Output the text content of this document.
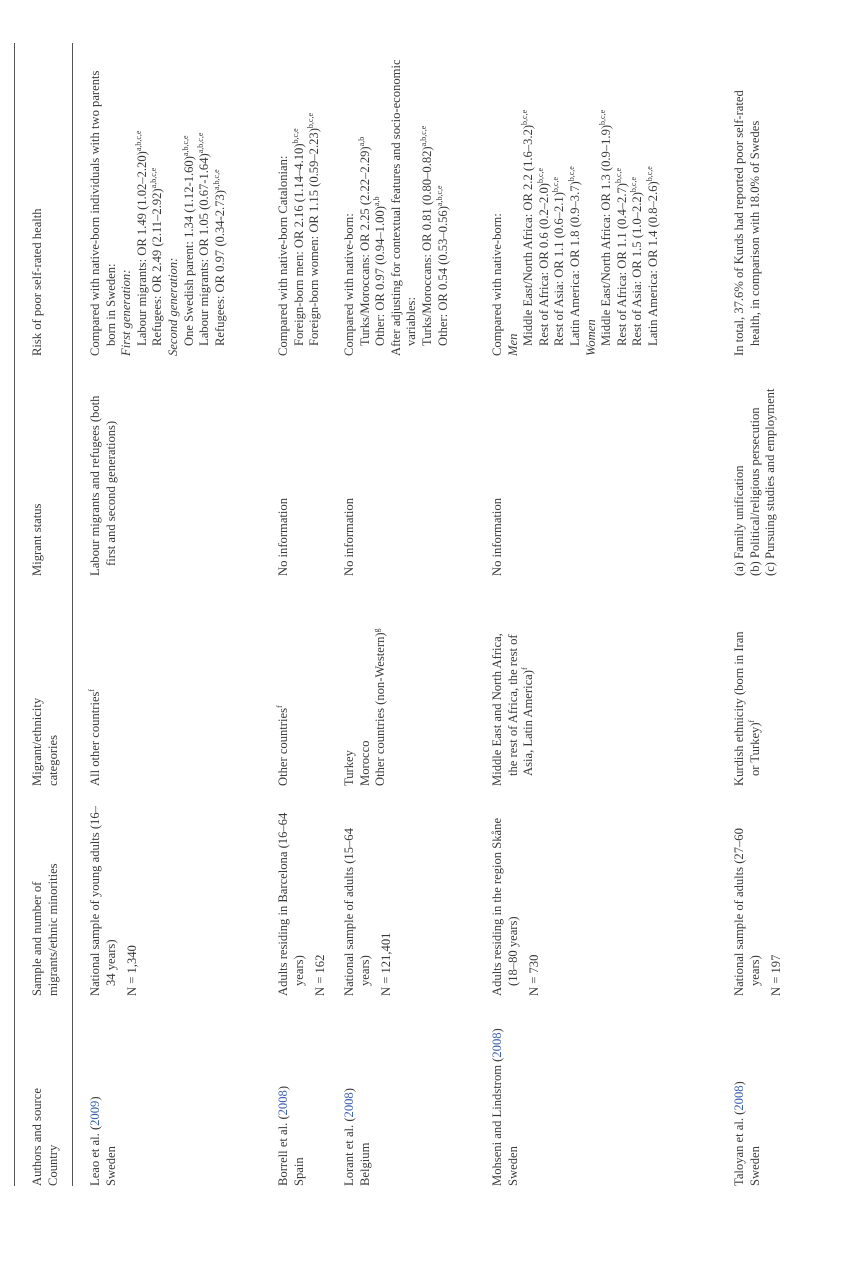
Authors and source Country
Sample and number of migrants/ethnic minorities
Migrant/ethnicity categories
Migrant status
Risk of poor self-rated health
Leao et al. (2009)
Sweden
National sample of young adults (16–34 years) N = 1,340
All other countries$^f$
Labour migrants and refugees (both first and second generations)
Compared with native-born individuals with two parents born in Sweden: First generation: Labour migrants: OR 1.49 $(1.02-2.20)^{a,b,c,e}$
Refugees: OR 2.49 $(2.11-2.92)^{a,b,c,e}$
Second generation: One Swedish parent: 1.34 $(1.12-1.60)^{a,b,c,e}$
Labour migrants: OR 1.05 $(0.67-1.64)^{a,b,c,e}$
Refugees: OR 0.97 $(0.34-2.73)^{a,b,c,e}$
Borrell et al. (2008)
Spain
Adults residing in Barcelona (16–64 years) N = 162
Other countries$^f$
No information
Compared with native-born Catalonian: Foreign-born men: OR 2.16 $(1.14-4.10)^{b,c,e}$ Foreign-born women: OR 1.15 $(0.59-2.23)^{b,c,e}$
Lorant et al. (2008)
Belgium
National sample of adults (15–64 years) N = 121,401
Turkey Morocco Other countries (non-Western)$^g$
No information
Compared with native-born: Turks/Moroccans: OR 2.25 $(2.22-2.29)^{a,b}$
Other: OR 0.97 $(0.94-1.00)^{a,b}$ After adjusting for contextual features and socio-economic variables: Turks/Moroccans: OR 0.81 $(0.80-0.82)^{a,b,c,e}$
Other: OR 0.54 $(0.53-0.56)^{a,b,c,e}$
Mohseni and Lindstrom (2008)
Sweden
Adults residing in the region Skåne (18–80 years) N = 730
Middle East and North Africa, the rest of Africa, the rest of Asia, Latin America)$^f$
No information
Compared with native-born: Men Middle East/North Africa: OR 2.2 $(1.6-3.2)^{b,c,e}$
Rest of Africa: OR 0.6 $(0.2-2.0)^{b,c,e}$
Rest of Asia: OR 1.1 $(0.6-2.1)^{b,c,e}$ Latin America: OR 1.8 $(0.9-3.7)^{b,c,e}$
Women Middle East/North Africa: OR 1.3 $(0.9-1.9)^{b,c,e}$
Rest of Africa: OR 1.1 $(0.4-2.7)^{b,c,e}$
Rest of Asia: OR 1.5 $(1.0-2.2)^{b,c,e}$ Latin America: OR 1.4 $(0.8-2.6)^{b,c,e}$
Taloyan et al. (2008)
Sweden
National sample of adults (27–60 years) N = 197
Kurdish ethnicity (born in Iran or Turkey)$^f$
(a) Family unification (b) Political/religious persecution (c) Pursuing studies and employment
In total, 37.6% of Kurds had reported poor self-rated health, in comparison with 18.0% of Swedes
